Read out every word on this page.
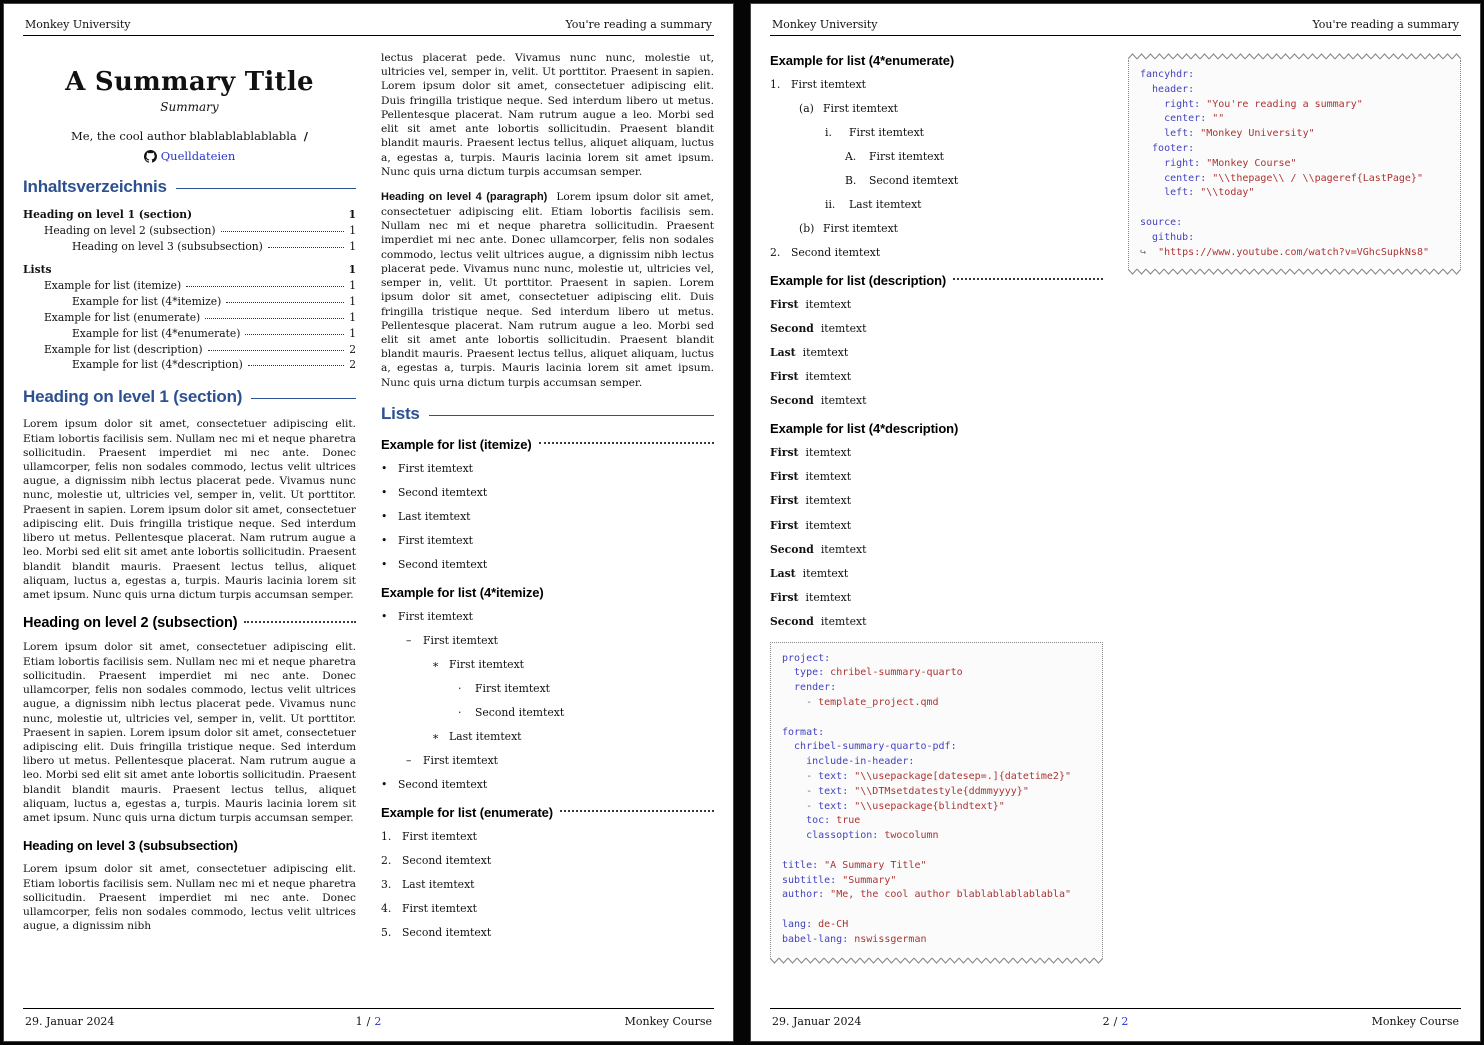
Monkey University	You're reading a summary
A Summary Title
Summary
Me, the cool author blablablablablabla /
Quelldateien
Inhaltsverzeichnis
Heading on level 1 (section)	1
Heading on level 2 (subsection)	1
Heading on level 3 (subsubsection)	1
Lists	1
Example for list (itemize)	1
Example for list (4*itemize)	1
Example for list (enumerate)	1
Example for list (4*enumerate)	1
Example for list (description)	2
Example for list (4*description)	2
Heading on level 1 (section)

Lorem ipsum dolor sit amet, consectetuer adipiscing elit. Etiam lobortis facilisis sem. Nullam nec mi et neque pharetra sollicitudin. Praesent imperdiet mi nec ante. Donec ullamcorper, felis non sodales commodo, lectus velit ultrices augue, a dignissim nibh lectus placerat pede. Vivamus nunc nunc, molestie ut, ultricies vel, semper in, velit. Ut porttitor. Praesent in sapien. Lorem ipsum dolor sit amet, consectetuer adipiscing elit. Duis fringilla tristique neque. Sed interdum libero ut metus. Pellentesque placerat. Nam rutrum augue a leo. Morbi sed elit sit amet ante lobortis sollicitudin. Praesent blandit blandit mauris. Praesent lectus tellus, aliquet aliquam, luctus a, egestas a, turpis. Mauris lacinia lorem sit amet ipsum. Nunc quis urna dictum turpis accumsan semper.

Heading on level 2 (subsection)

Lorem ipsum dolor sit amet, consectetuer adipiscing elit. Etiam lobortis facilisis sem. Nullam nec mi et neque pharetra sollicitudin. Praesent imperdiet mi nec ante. Donec ullamcorper, felis non sodales commodo, lectus velit ultrices augue, a dignissim nibh lectus placerat pede. Vivamus nunc nunc, molestie ut, ultricies vel, semper in, velit. Ut porttitor. Praesent in sapien. Lorem ipsum dolor sit amet, consectetuer adipiscing elit. Duis fringilla tristique neque. Sed interdum libero ut metus. Pellentesque placerat. Nam rutrum augue a leo. Morbi sed elit sit amet ante lobortis sollicitudin. Praesent blandit blandit mauris. Praesent lectus tellus, aliquet aliquam, luctus a, egestas a, turpis. Mauris lacinia lorem sit amet ipsum. Nunc quis urna dictum turpis accumsan semper.

Heading on level 3 (subsubsection)

Lorem ipsum dolor sit amet, consectetuer adipiscing elit. Etiam lobortis facilisis sem. Nullam nec mi et neque pharetra sollicitudin. Praesent imperdiet mi nec ante. Donec ullamcorper, felis non sodales commodo, lectus velit ultrices augue, a dignissim nibh

lectus placerat pede. Vivamus nunc nunc, molestie ut, ultricies vel, semper in, velit. Ut porttitor. Praesent in sapien. Lorem ipsum dolor sit amet, consectetuer adipiscing elit. Duis fringilla tristique neque. Sed interdum libero ut metus. Pellentesque placerat. Nam rutrum augue a leo. Morbi sed elit sit amet ante lobortis sollicitudin. Praesent blandit blandit mauris. Praesent lectus tellus, aliquet aliquam, luctus a, egestas a, turpis. Mauris lacinia lorem sit amet ipsum. Nunc quis urna dictum turpis accumsan semper.

Heading on level 4 (paragraph) Lorem ipsum dolor sit amet, consectetuer adipiscing elit. Etiam lobortis facilisis sem. Nullam nec mi et neque pharetra sollicitudin. Praesent imperdiet mi nec ante. Donec ullamcorper, felis non sodales commodo, lectus velit ultrices augue, a dignissim nibh lectus placerat pede. Vivamus nunc nunc, molestie ut, ultricies vel, semper in, velit. Ut porttitor. Praesent in sapien. Lorem ipsum dolor sit amet, consectetuer adipiscing elit. Duis fringilla tristique neque. Sed interdum libero ut metus. Pellentesque placerat. Nam rutrum augue a leo. Morbi sed elit sit amet ante lobortis sollicitudin. Praesent blandit blandit mauris. Praesent lectus tellus, aliquet aliquam, luctus a, egestas a, turpis. Mauris lacinia lorem sit amet ipsum. Nunc quis urna dictum turpis accumsan semper.

Lists
Example for list (itemize)
• First itemtext
• Second itemtext
• Last itemtext
• First itemtext
• Second itemtext
Example for list (4*itemize)
• First itemtext
–	First itemtext
∗ First itemtext
·	First itemtext
·	Second itemtext
∗ Last itemtext
–	First itemtext
• Second itemtext
Example for list (enumerate)
1. First itemtext
2. Second itemtext
3. Last itemtext
4. First itemtext
5. Second itemtext
29. Januar 2024	1 / 2	Monkey Course
Monkey University	You're reading a summary
Example for list (4*enumerate)
1. First itemtext
(a) First itemtext
i.	First itemtext
A.	First itemtext
B.	Second itemtext
ii.	Last itemtext
(b) First itemtext
2. Second itemtext
Example for list (description)
First itemtext
Second itemtext
Last itemtext
First itemtext
Second itemtext
Example for list (4*description)
First itemtext
First itemtext
First itemtext
First itemtext
Second itemtext
Last itemtext
First itemtext
Second itemtext
project:
type: chribel-summary-quarto
render:
- template_project.qmd
format:
chribel-summary-quarto-pdf:
include-in-header:
- text: "\\usepackage[datesep=.]{datetime2}"
- text: "\\DTMsetdatestyle{ddmmyyyy}"
- text: "\\usepackage{blindtext}"
toc: true
classoption: twocolumn
title: "A Summary Title"
subtitle: "Summary"
author: "Me, the cool author blablablablablabla"
lang: de-CH
babel-lang: nswissgerman
fancyhdr:
header:
right: "You're reading a summary"
center: ""
left: "Monkey University"
footer:
right: "Monkey Course"
center: "\\thepage\\ / \\pageref{LastPage}"
left: "\\today"
source:
github:
↪  "https://www.youtube.com/watch?v=VGhcSupkNs8"
29. Januar 2024	2 / 2	Monkey Course
